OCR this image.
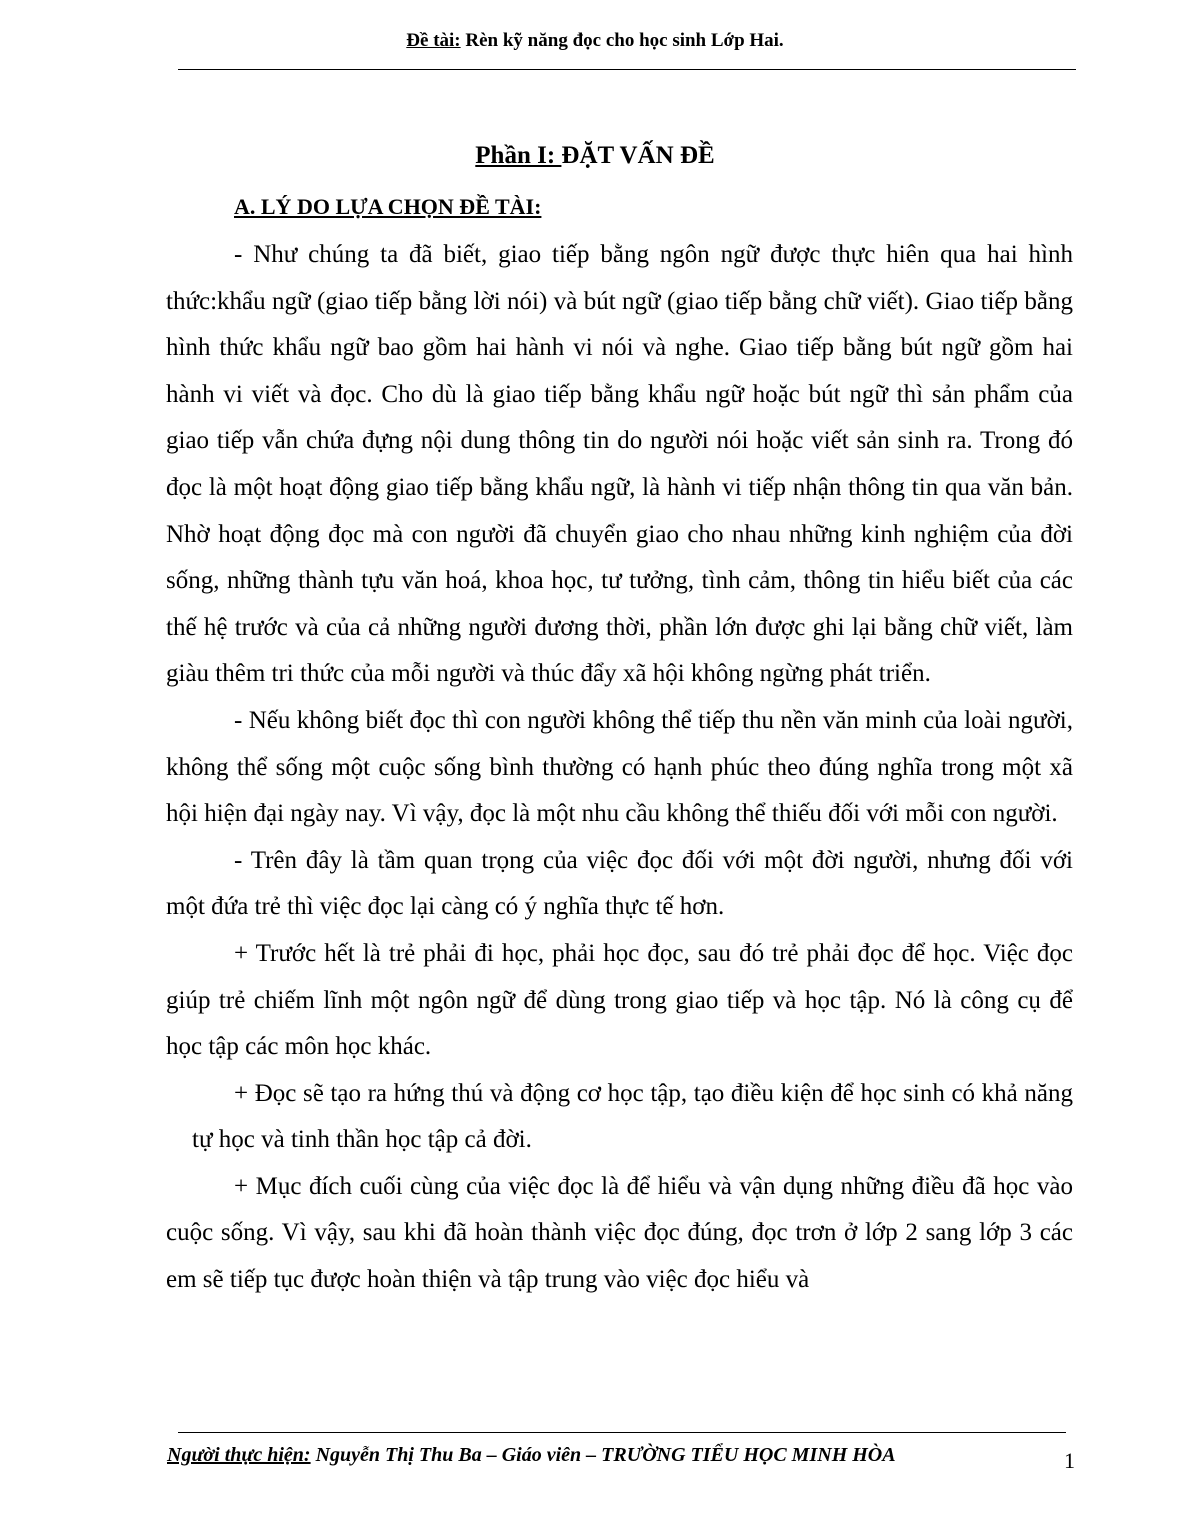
Đề tài: Rèn kỹ năng đọc cho học sinh Lớp Hai.
Phần I: ĐẶT VẤN ĐỀ
A. LÝ DO LỰA CHỌN ĐỀ TÀI:

- Như chúng ta đã biết, giao tiếp bằng ngôn ngữ được thực hiên qua hai hình thức:khẩu ngữ (giao tiếp bằng lời nói) và bút ngữ (giao tiếp bằng chữ viết). Giao tiếp bằng hình thức khẩu ngữ bao gồm hai hành vi nói và nghe. Giao tiếp bằng bút ngữ gồm hai hành vi viết và đọc. Cho dù là giao tiếp bằng khẩu ngữ hoặc bút ngữ thì sản phẩm của giao tiếp vẫn chứa đựng nội dung thông tin do người nói hoặc viết sản sinh ra. Trong đó đọc là một hoạt động giao tiếp bằng khẩu ngữ, là hành vi tiếp nhận thông tin qua văn bản. Nhờ hoạt động đọc mà con người đã chuyển giao cho nhau những kinh nghiệm của đời sống, những thành tựu văn hoá, khoa học, tư tưởng, tình cảm, thông tin hiểu biết của các thế hệ trước và của cả những người đương thời, phần lớn được ghi lại bằng chữ viết, làm giàu thêm tri thức của mỗi người và thúc đẩy xã hội không ngừng phát triển.

- Nếu không biết đọc thì con người không thể tiếp thu nền văn minh của loài người, không thể sống một cuộc sống bình thường có hạnh phúc theo đúng nghĩa trong một xã hội hiện đại ngày nay. Vì vậy, đọc là một nhu cầu không thể thiếu đối với mỗi con người.

- Trên đây là tầm quan trọng của việc đọc đối với một đời người, nhưng đối với một đứa trẻ thì việc đọc lại càng có ý nghĩa thực tế hơn.

+ Trước hết là trẻ phải đi học, phải học đọc, sau đó trẻ phải đọc để học. Việc đọc giúp trẻ chiếm lĩnh một ngôn ngữ để dùng trong giao tiếp và học tập. Nó là công cụ để học tập các môn học khác.

+ Đọc sẽ tạo ra hứng thú và động cơ học tập, tạo điều kiện để học sinh có khả năng tự học và tinh thần học tập cả đời.

+ Mục đích cuối cùng của việc đọc là để hiểu và vận dụng những điều đã học vào cuộc sống. Vì vậy, sau khi đã hoàn thành việc đọc đúng, đọc trơn ở lớp 2 sang lớp 3 các em sẽ tiếp tục được hoàn thiện và tập trung vào việc đọc hiểu và

Người thực hiện: Nguyễn Thị Thu Ba – Giáo viên – TRƯỜNG TIỂU HỌC MINH HÒA	1
